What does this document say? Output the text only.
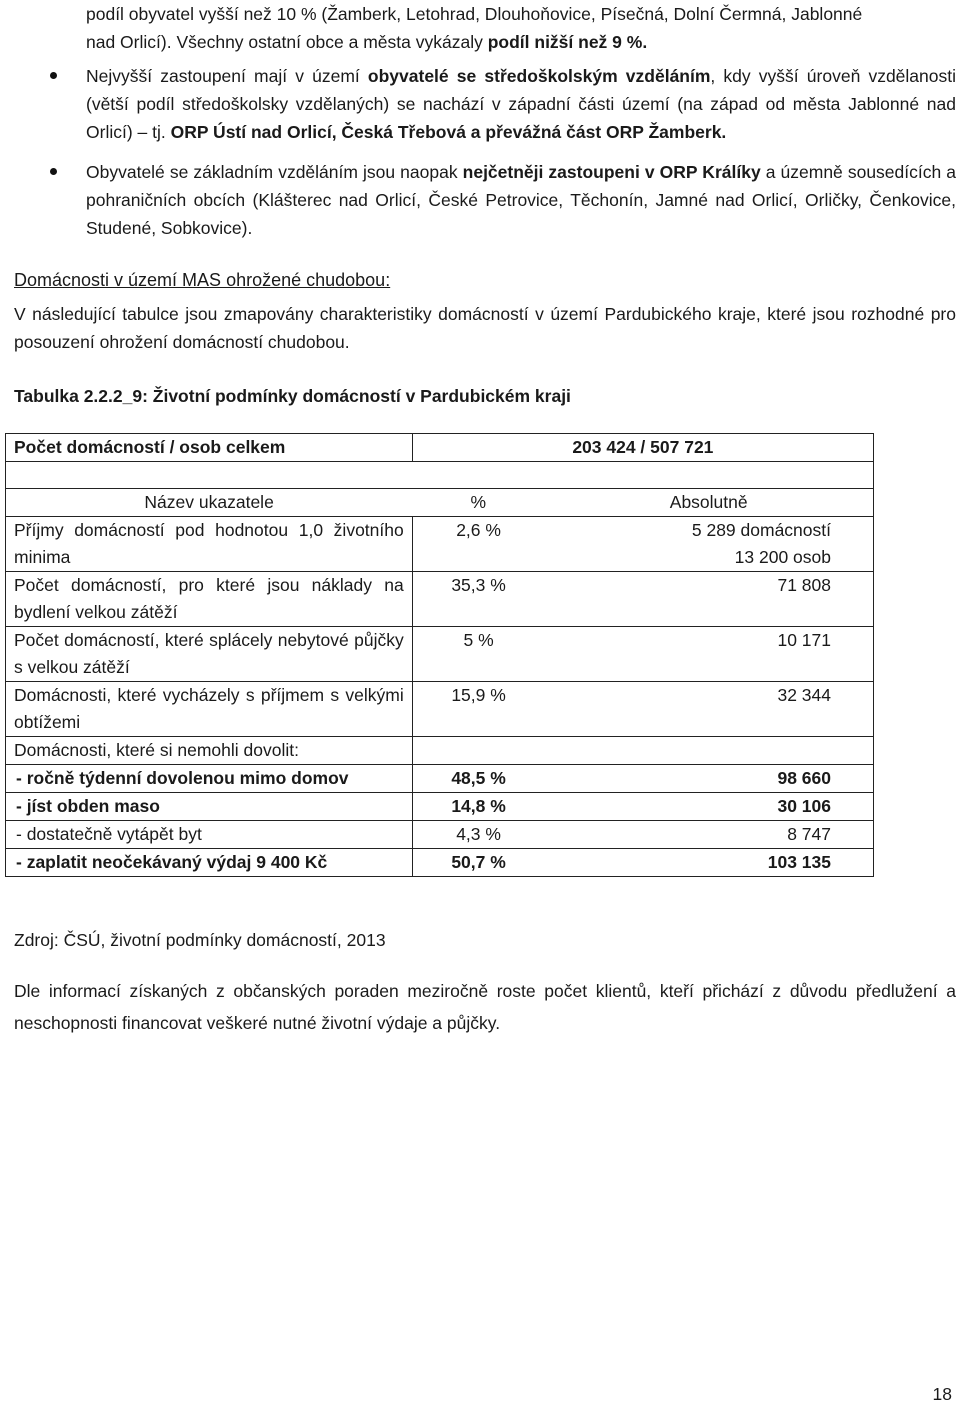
podíl obyvatel vyšší než 10 % (Žamberk, Letohrad, Dlouhoňovice, Písečná, Dolní Čermná, Jablonné
nad Orlicí). Všechny ostatní obce a města vykázaly podíl nižší než 9 %.
Nejvyšší zastoupení mají v území obyvatelé se středoškolským vzděláním, kdy vyšší úroveň vzdělanosti (větší podíl středoškolsky vzdělaných) se nachází v západní části území (na západ od města Jablonné nad Orlicí) – tj. ORP Ústí nad Orlicí, Česká Třebová a převážná část ORP Žamberk.
Obyvatelé se základním vzděláním jsou naopak nejčetněji zastoupeni v ORP Králíky a územně sousedících a pohraničních obcích (Klášterec nad Orlicí, České Petrovice, Těchonín, Jamné nad Orlicí, Orličky, Čenkovice, Studené, Sobkovice).
Domácnosti v území MAS ohrožené chudobou:
V následující tabulce jsou zmapovány charakteristiky domácností v území Pardubického kraje, které jsou rozhodné pro posouzení ohrožení domácností chudobou.
Tabulka 2.2.2_9: Životní podmínky domácností v Pardubickém kraji
Počet domácností / osob celkem	203 424 / 507 721	

Název ukazatele	%	Absolutně
Příjmy domácností pod hodnotou 1,0 životního minima	2,6 %	5 289 domácností
13 200 osob
Počet domácností, pro které jsou náklady na bydlení velkou zátěží	35,3 %	71 808
Počet domácností, které splácely nebytové půjčky s velkou zátěží	5 %	10 171
Domácnosti, které vycházely s příjmem s velkými obtížemi	15,9 %	32 344
Domácnosti, které si nemohli dovolit:		
- ročně týdenní dovolenou mimo domov	48,5 %	98 660
- jíst obden maso	14,8 %	30 106
- dostatečně vytápět byt	4,3 %	8 747
- zaplatit neočekávaný výdaj 9 400 Kč	50,7 %	103 135
Zdroj: ČSÚ, životní podmínky domácností, 2013
Dle informací získaných z občanských poraden meziročně roste počet klientů, kteří přichází z důvodu předlužení a neschopnosti financovat veškeré nutné životní výdaje a půjčky.
18
